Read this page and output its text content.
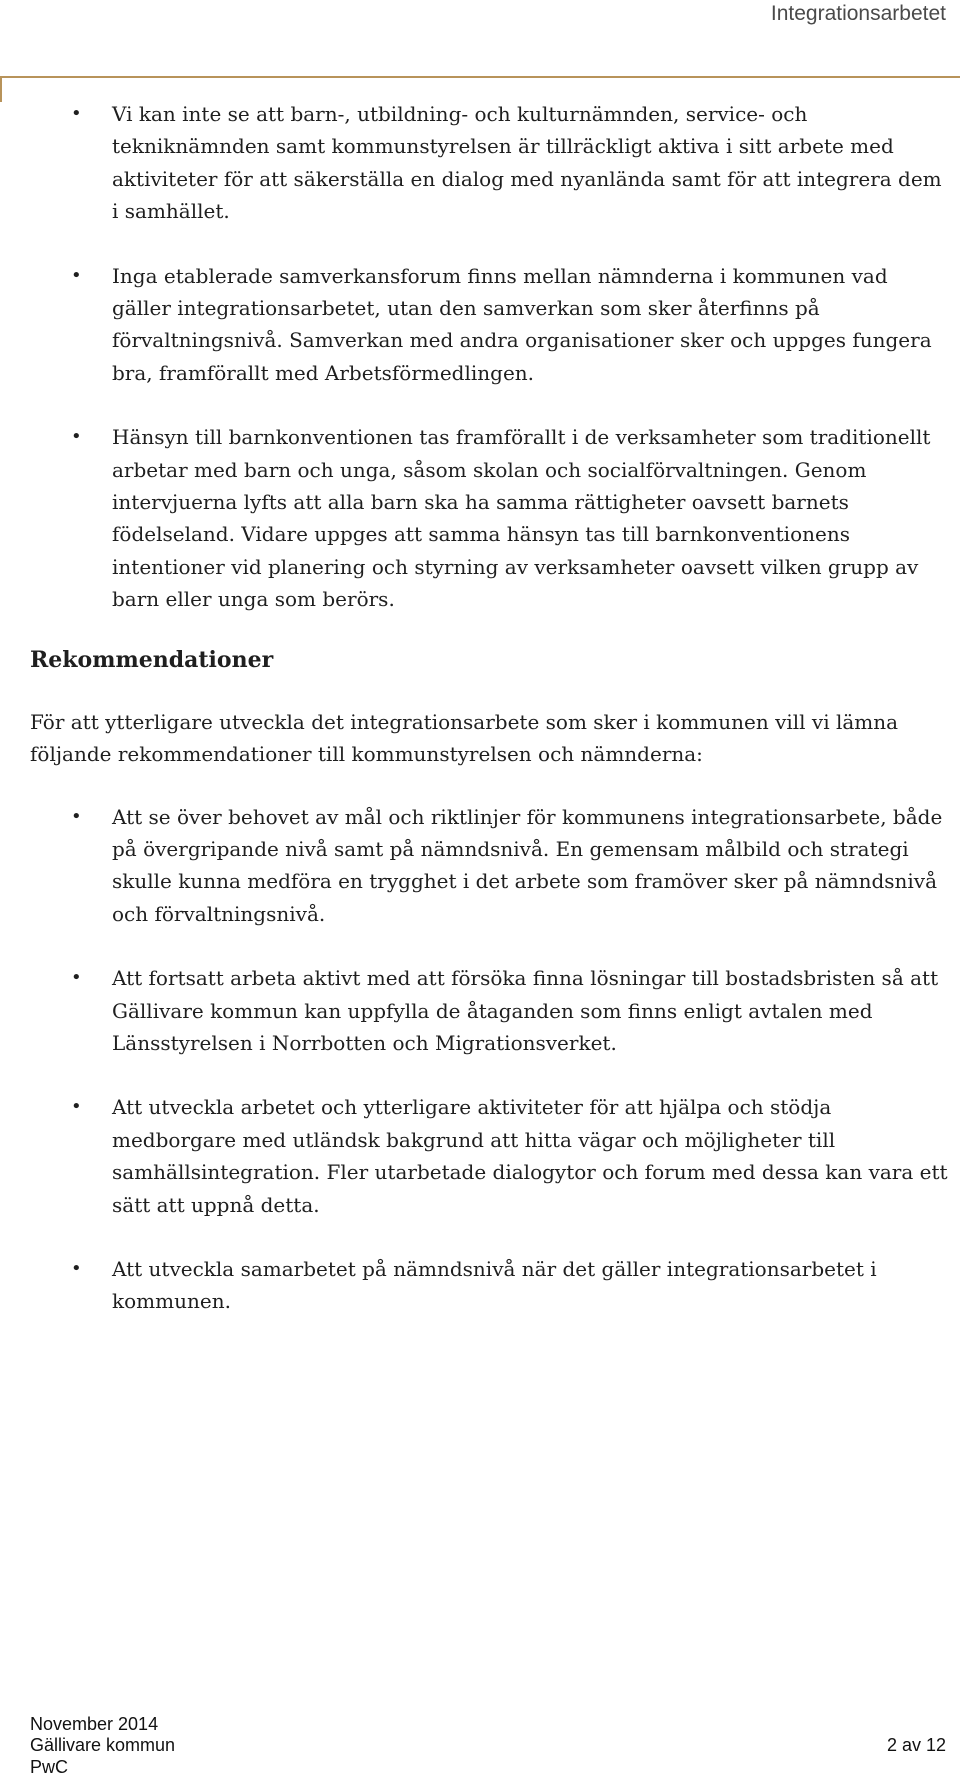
Integrationsarbetet
• Vi kan inte se att barn-, utbildning- och kulturnämnden, service- och tekniknämnden samt kommunstyrelsen är tillräckligt aktiva i sitt arbete med aktiviteter för att säkerställa en dialog med nyanlända samt för att integrera dem i samhället.
• Inga etablerade samverkansforum finns mellan nämnderna i kommunen vad gäller integrationsarbetet, utan den samverkan som sker återfinns på förvaltningsnivå. Samverkan med andra organisationer sker och uppges fungera bra, framförallt med Arbetsförmedlingen.
• Hänsyn till barnkonventionen tas framförallt i de verksamheter som traditionellt arbetar med barn och unga, såsom skolan och socialförvaltningen. Genom intervjuerna lyfts att alla barn ska ha samma rättigheter oavsett barnets födelseland. Vidare uppges att samma hänsyn tas till barnkonventionens intentioner vid planering och styrning av verksamheter oavsett vilken grupp av barn eller unga som berörs.
Rekommendationer

För att ytterligare utveckla det integrationsarbete som sker i kommunen vill vi lämna följande rekommendationer till kommunstyrelsen och nämnderna:

• Att se över behovet av mål och riktlinjer för kommunens integrationsarbete, både på övergripande nivå samt på nämndsnivå. En gemensam målbild och strategi skulle kunna medföra en trygghet i det arbete som framöver sker på nämndsnivå och förvaltningsnivå.
• Att fortsatt arbeta aktivt med att försöka finna lösningar till bostadsbristen så att Gällivare kommun kan uppfylla de åtaganden som finns enligt avtalen med Länsstyrelsen i Norrbotten och Migrationsverket.
• Att utveckla arbetet och ytterligare aktiviteter för att hjälpa och stödja medborgare med utländsk bakgrund att hitta vägar och möjligheter till samhällsintegration. Fler utarbetade dialogytor och forum med dessa kan vara ett sätt att uppnå detta.
• Att utveckla samarbetet på nämndsnivå när det gäller integrationsarbetet i kommunen.
November 2014
Gällivare kommun
PwC
2 av 12
